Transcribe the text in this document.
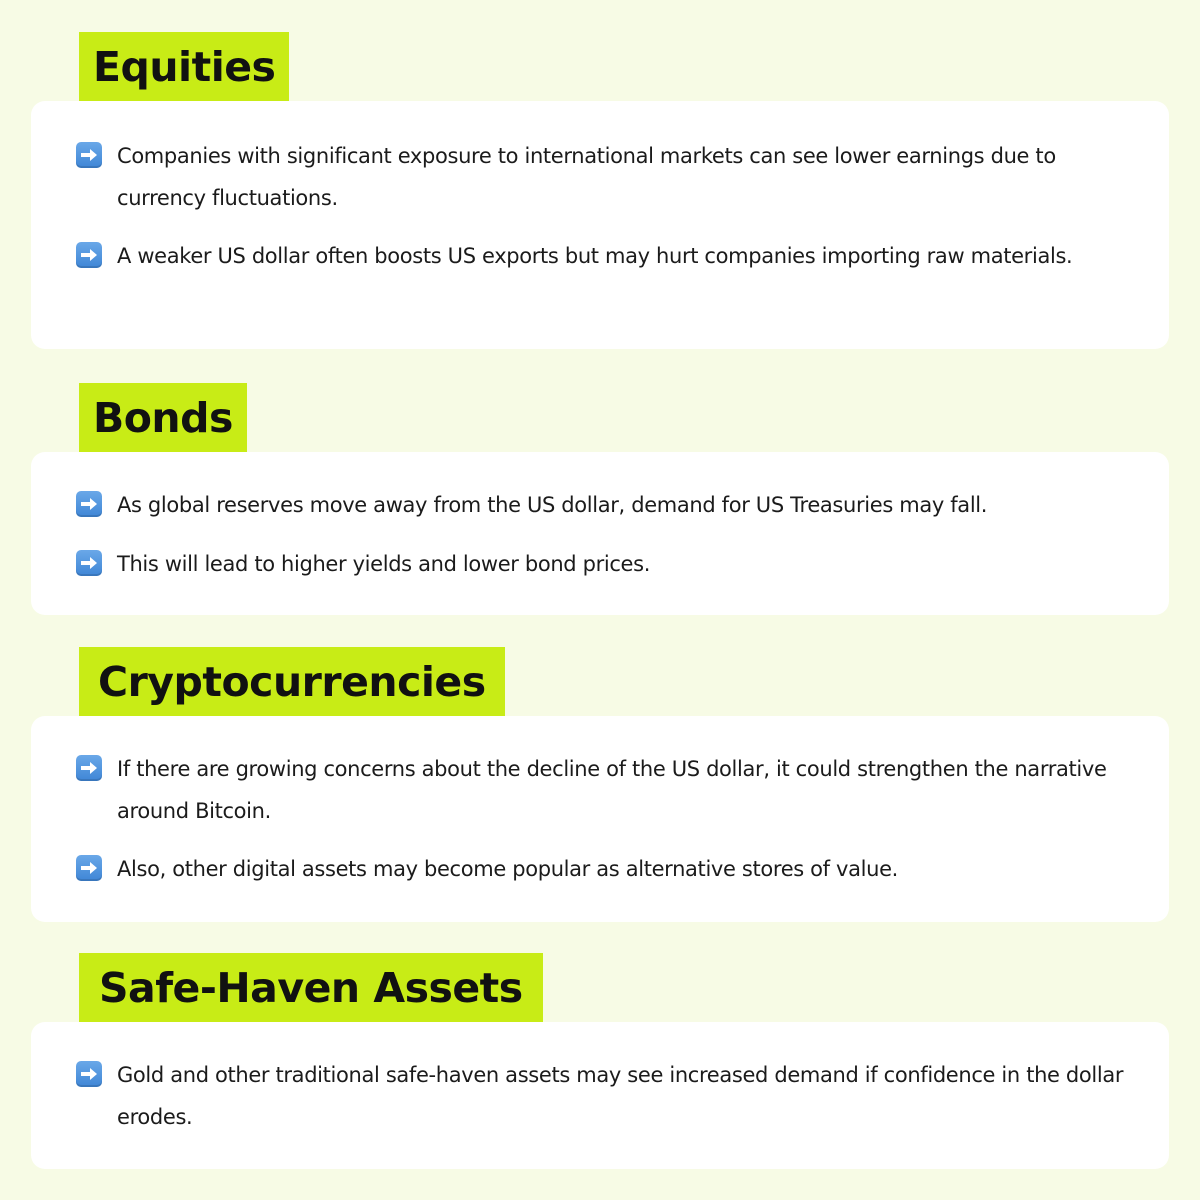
Equities
Companies with significant exposure to international markets can see lower earnings due to currency fluctuations.
A weaker US dollar often boosts US exports but may hurt companies importing raw materials.
Bonds
As global reserves move away from the US dollar, demand for US Treasuries may fall.
This will lead to higher yields and lower bond prices.
Cryptocurrencies
If there are growing concerns about the decline of the US dollar, it could strengthen the narrative around Bitcoin.
Also, other digital assets may become popular as alternative stores of value.
Safe-Haven Assets
Gold and other traditional safe-haven assets may see increased demand if confidence in the dollar erodes.
